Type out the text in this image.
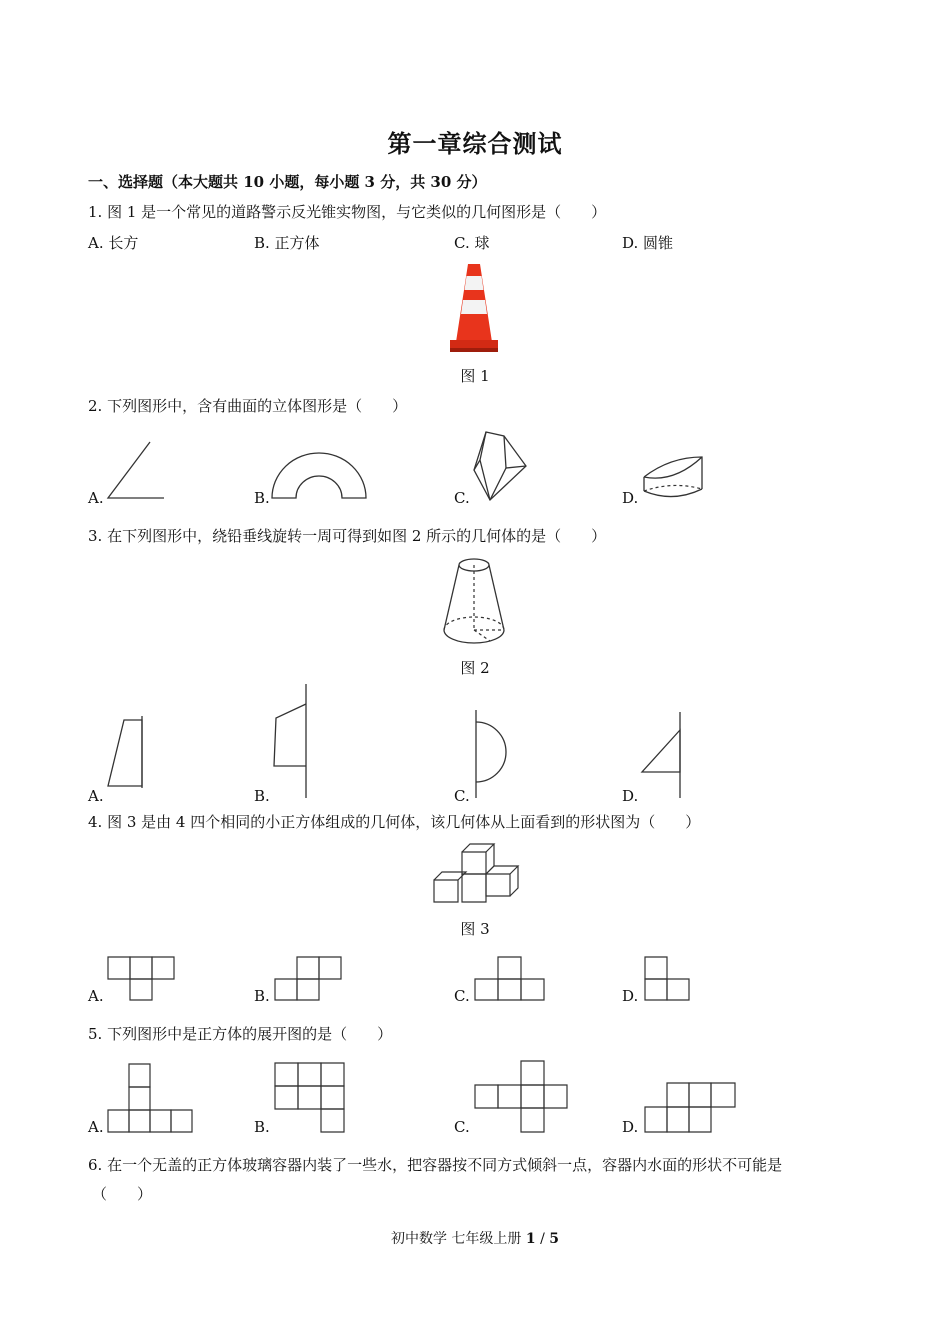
第一章综合测试
一、选择题（本大题共 10 小题，每小题 3 分，共 30 分）
1. 图 1 是一个常见的道路警示反光锥实物图，与它类似的几何图形是（　　）
A. 长方	B. 正方体	C. 球	D. 圆锥
图 1
2. 下列图形中，含有曲面的立体图形是（　　）
A.	B.	C.	D.
3. 在下列图形中，绕铅垂线旋转一周可得到如图 2 所示的几何体的是（　　）
图 2
A.	B.	C.	D.
4. 图 3 是由 4 四个相同的小正方体组成的几何体，该几何体从上面看到的形状图为（　　）
图 3
A.	B.	C.	D.
5. 下列图形中是正方体的展开图的是（　　）
A.	B.	C.	D.
6. 在一个无盖的正方体玻璃容器内装了一些水，把容器按不同方式倾斜一点，容器内水面的形状不可能是
（　　）
初中数学 七年级上册 1 / 5
